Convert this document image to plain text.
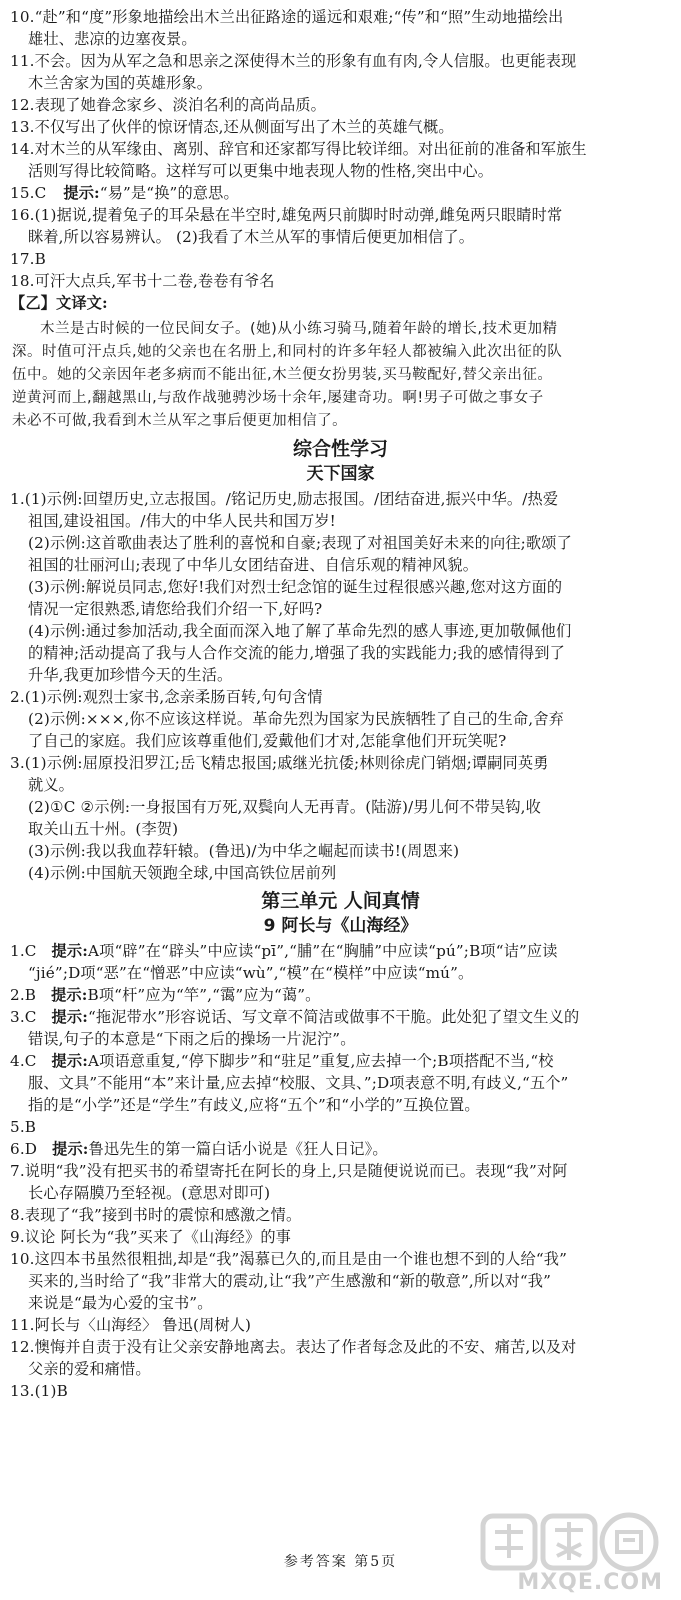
10.“赴”和“度”形象地描绘出木兰出征路途的遥远和艰难;“传”和“照”生动地描绘出
雄壮、悲凉的边塞夜景。
11.不会。因为从军之急和思亲之深使得木兰的形象有血有肉,令人信服。也更能表现
木兰舍家为国的英雄形象。
12.表现了她眷念家乡、淡泊名利的高尚品质。
13.不仅写出了伙伴的惊讶情态,还从侧面写出了木兰的英雄气概。
14.对木兰的从军缘由、离别、辞官和还家都写得比较详细。对出征前的准备和军旅生
活则写得比较简略。这样写可以更集中地表现人物的性格,突出中心。
15.C 提示:“易”是“换”的意思。
16.(1)据说,提着兔子的耳朵悬在半空时,雄兔两只前脚时时动弹,雌兔两只眼睛时常
眯着,所以容易辨认。 (2)我看了木兰从军的事情后便更加相信了。
17.B
18.可汗大点兵,军书十二卷,卷卷有爷名
【乙】文译文:
木兰是古时候的一位民间女子。(她)从小练习骑马,随着年龄的增长,技术更加精
深。时值可汗点兵,她的父亲也在名册上,和同村的许多年轻人都被编入此次出征的队
伍中。她的父亲因年老多病而不能出征,木兰便女扮男装,买马鞍配好,替父亲出征。
逆黄河而上,翻越黑山,与敌作战驰骋沙场十余年,屡建奇功。啊!男子可做之事女子
未必不可做,我看到木兰从军之事后便更加相信了。
综合性学习
天下国家
1.(1)示例:回望历史,立志报国。/铭记历史,励志报国。/团结奋进,振兴中华。/热爱
祖国,建设祖国。/伟大的中华人民共和国万岁!
(2)示例:这首歌曲表达了胜利的喜悦和自豪;表现了对祖国美好未来的向往;歌颂了
祖国的壮丽河山;表现了中华儿女团结奋进、自信乐观的精神风貌。
(3)示例:解说员同志,您好!我们对烈士纪念馆的诞生过程很感兴趣,您对这方面的
情况一定很熟悉,请您给我们介绍一下,好吗?
(4)示例:通过参加活动,我全面而深入地了解了革命先烈的感人事迹,更加敬佩他们
的精神;活动提高了我与人合作交流的能力,增强了我的实践能力;我的感情得到了
升华,我更加珍惜今天的生活。
2.(1)示例:观烈士家书,念亲柔肠百转,句句含情
(2)示例:×××,你不应该这样说。革命先烈为国家为民族牺牲了自己的生命,舍弃
了自己的家庭。我们应该尊重他们,爱戴他们才对,怎能拿他们开玩笑呢?
3.(1)示例:屈原投汨罗江;岳飞精忠报国;戚继光抗倭;林则徐虎门销烟;谭嗣同英勇
就义。
(2)①C ②示例:一身报国有万死,双鬓向人无再青。(陆游)/男儿何不带吴钩,收
取关山五十州。(李贺)
(3)示例:我以我血荐轩辕。(鲁迅)/为中华之崛起而读书!(周恩来)
(4)示例:中国航天领跑全球,中国高铁位居前列
第三单元 人间真情
9 阿长与《山海经》
1.C 提示:A项“辟”在“辟头”中应读“pī”,“脯”在“胸脯”中应读“pú”;B项“诘”应读
“jié”;D项“恶”在“憎恶”中应读“wù”,“模”在“模样”中应读“mú”。
2.B 提示:B项“杆”应为“竿”,“霭”应为“蔼”。
3.C 提示:“拖泥带水”形容说话、写文章不简洁或做事不干脆。此处犯了望文生义的
错误,句子的本意是“下雨之后的操场一片泥泞”。
4.C 提示:A项语意重复,“停下脚步”和“驻足”重复,应去掉一个;B项搭配不当,“校
服、文具”不能用“本”来计量,应去掉“校服、文具、”;D项表意不明,有歧义,“五个”
指的是“小学”还是“学生”有歧义,应将“五个”和“小学的”互换位置。
5.B
6.D 提示:鲁迅先生的第一篇白话小说是《狂人日记》。
7.说明“我”没有把买书的希望寄托在阿长的身上,只是随便说说而已。表现“我”对阿
长心存隔膜乃至轻视。(意思对即可)
8.表现了“我”接到书时的震惊和感激之情。
9.议论 阿长为“我”买来了《山海经》的事
10.这四本书虽然很粗拙,却是“我”渴慕已久的,而且是由一个谁也想不到的人给“我”
买来的,当时给了“我”非常大的震动,让“我”产生感激和“新的敬意”,所以对“我”
来说是“最为心爱的宝书”。
11.阿长与〈山海经〉 鲁迅(周树人)
12.懊悔并自责于没有让父亲安静地离去。表达了作者每念及此的不安、痛苦,以及对
父亲的爱和痛惜。
13.(1)B
参考答案 第5页
MXQE.COM
